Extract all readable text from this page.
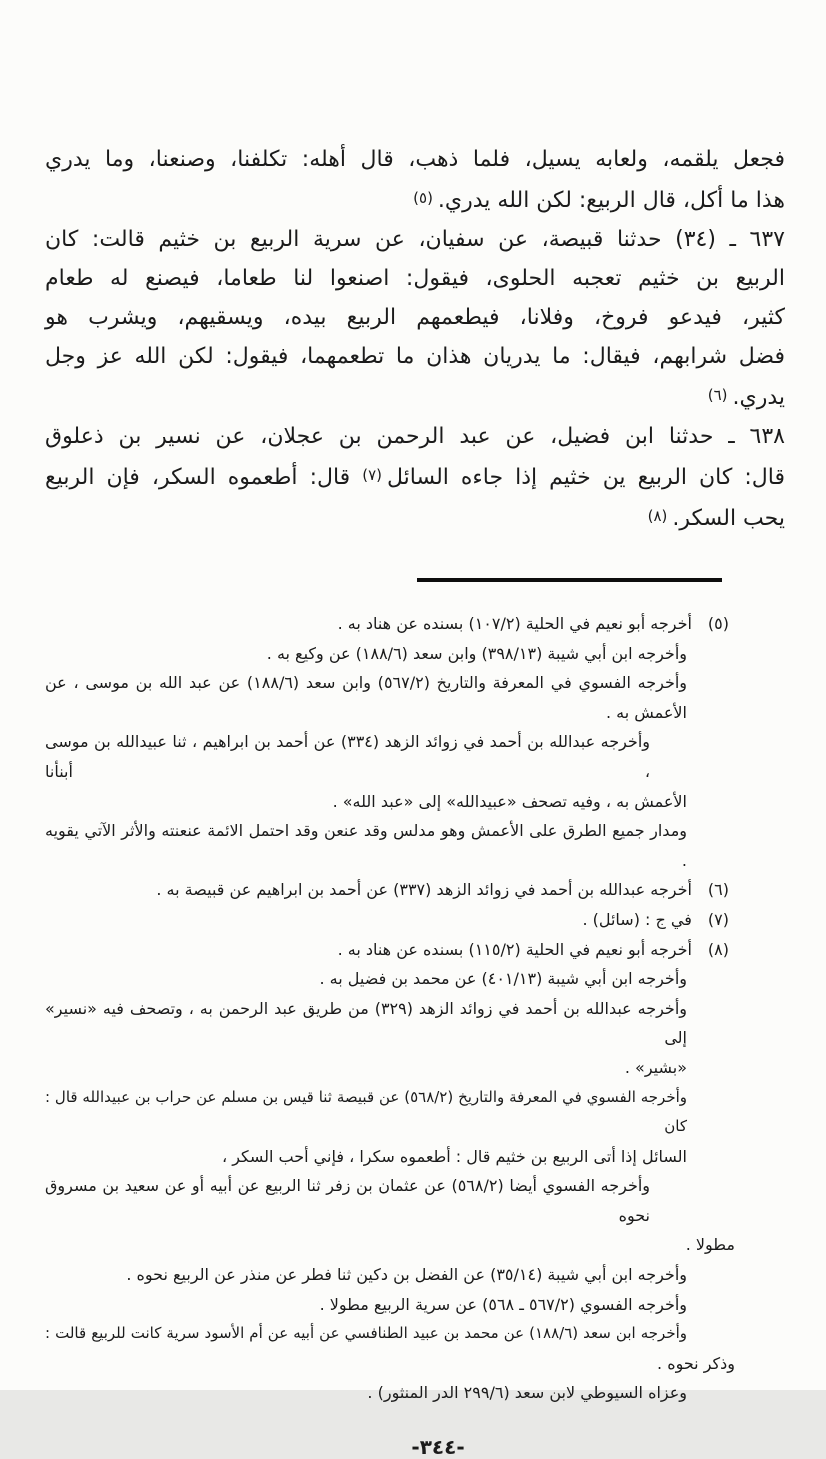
فجعل يلقمه، ولعابه يسيل، فلما ذهب، قال أهله: تكلفنا، وصنعنا، وما يدري
هذا ما أكل، قال الربيع: لكن الله يدري.$^{(٥)}$
٦٣٧ ـ (٣٤) حدثنا قبيصة، عن سفيان، عن سرية الربيع بن خثيم قالت: كان
الربيع بن خثيم تعجبه الحلوى، فيقول: اصنعوا لنا طعاما، فيصنع له طعام
كثير، فيدعو فروخ، وفلانا، فيطعمهم الربيع بيده، ويسقيهم، ويشرب هو
فضل شرابهم، فيقال: ما يدريان هذان ما تطعمهما، فيقول: لكن الله عز وجل
يدري.$^{(٦)}$
٦٣٨ ـ حدثنا ابن فضيل، عن عبد الرحمن بن عجلان، عن نسير بن ذعلوق
قال: كان الربيع ين خثيم إذا جاءه السائل$^{(٧)}$ قال: أطعموه السكر، فإن الربيع
يحب السكر.$^{(٨)}$
(٥)أخرجه أبو نعيم في الحلية (١٠٧/٢) بسنده عن هناد به .
وأخرجه ابن أبي شيبة (٣٩٨/١٣) وابن سعد (١٨٨/٦) عن وكيع به .
وأخرجه الفسوي في المعرفة والتاريخ (٥٦٧/٢) وابن سعد (١٨٨/٦) عن عبد الله بن موسى ، عن
الأعمش به .
وأخرجه عبدالله بن أحمد في زوائد الزهد (٣٣٤) عن أحمد بن ابراهيم ، ثنا عبيدالله بن موسى ، أبنأنا
الأعمش به ، وفيه تصحف «عبيدالله» إلى «عبد الله» .
ومدار جميع الطرق على الأعمش وهو مدلس وقد عنعن وقد احتمل الائمة عنعنته والأثر الآتي يقويه .
(٦)أخرجه عبدالله بن أحمد في زوائد الزهد (٣٣٧) عن أحمد بن ابراهيم عن قبيصة به .
(٧)في ج : (سائل) .
(٨)أخرجه أبو نعيم في الحلية (١١٥/٢) بسنده عن هناد به .
وأخرجه ابن أبي شيبة (٤٠١/١٣) عن محمد بن فضيل به .
وأخرجه عبدالله بن أحمد في زوائد الزهد (٣٢٩) من طريق عبد الرحمن به ، وتصحف فيه «نسير» إلى
«بشير» .
وأخرجه الفسوي في المعرفة والتاريخ (٥٦٨/٢) عن قبيصة ثنا قيس بن مسلم عن حراب بن عبيدالله قال : كان
السائل إذا أتى الربيع بن خثيم قال : أطعموه سكرا ، فإني أحب السكر ،
وأخرجه الفسوي أيضا (٥٦٨/٢) عن عثمان بن زفر ثنا الربيع عن أبيه أو عن سعيد بن مسروق نحوه
مطولا .
وأخرجه ابن أبي شيبة (٣٥/١٤) عن الفضل بن دكين ثنا فطر عن منذر عن الربيع نحوه .
وأخرجه الفسوي (٥٦٧/٢ ـ ٥٦٨) عن سرية الربيع مطولا .
وأخرجه ابن سعد (١٨٨/٦) عن محمد بن عبيد الطنافسي عن أبيه عن أم الأسود سرية كانت للربيع قالت :
وذكر نحوه .
وعزاه السيوطي لابن سعد (٢٩٩/٦ الدر المنثور) .
-٣٤٤-
